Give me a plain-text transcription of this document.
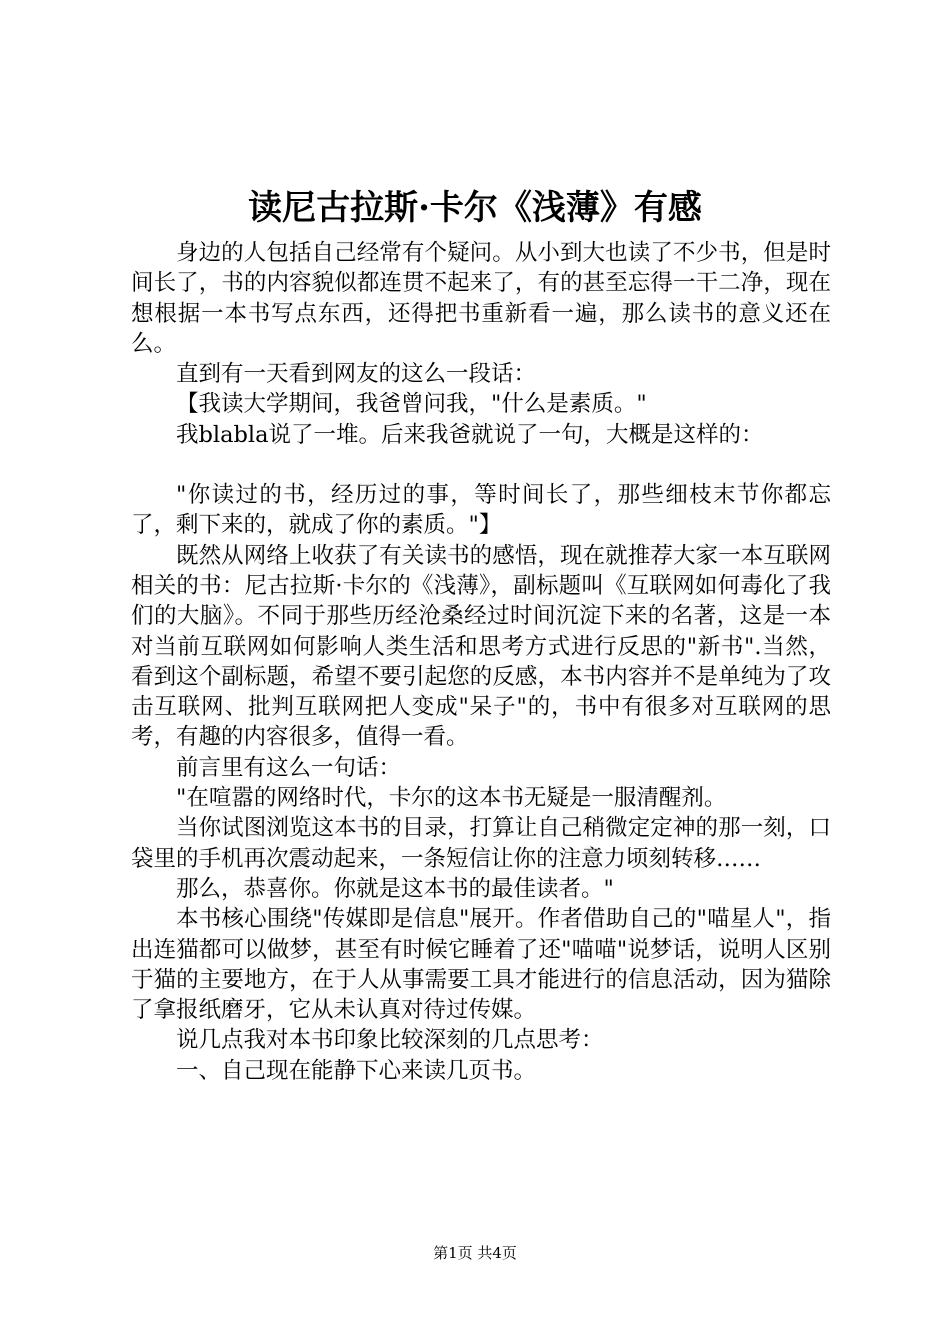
读尼古拉斯·卡尔《浅薄》有感

身边的人包括自己经常有个疑问。从小到大也读了不少书，但是时间长了，书的内容貌似都连贯不起来了，有的甚至忘得一干二净，现在想根据一本书写点东西，还得把书重新看一遍，那么读书的意义还在么。

直到有一天看到网友的这么一段话：

【我读大学期间，我爸曾问我，"什么是素质。"

我blabla说了一堆。后来我爸就说了一句，大概是这样的：

"你读过的书，经历过的事，等时间长了，那些细枝末节你都忘了，剩下来的，就成了你的素质。"】

既然从网络上收获了有关读书的感悟，现在就推荐大家一本互联网相关的书：尼古拉斯·卡尔的《浅薄》，副标题叫《互联网如何毒化了我们的大脑》。不同于那些历经沧桑经过时间沉淀下来的名著，这是一本对当前互联网如何影响人类生活和思考方式进行反思的"新书".当然，看到这个副标题，希望不要引起您的反感，本书内容并不是单纯为了攻击互联网、批判互联网把人变成"呆子"的，书中有很多对互联网的思考，有趣的内容很多，值得一看。

前言里有这么一句话：

"在喧嚣的网络时代，卡尔的这本书无疑是一服清醒剂。

当你试图浏览这本书的目录，打算让自己稍微定定神的那一刻，口袋里的手机再次震动起来，一条短信让你的注意力顷刻转移……

那么，恭喜你。你就是这本书的最佳读者。"

本书核心围绕"传媒即是信息"展开。作者借助自己的"喵星人"，指出连猫都可以做梦，甚至有时候它睡着了还"喵喵"说梦话，说明人区别于猫的主要地方，在于人从事需要工具才能进行的信息活动，因为猫除了拿报纸磨牙，它从未认真对待过传媒。

说几点我对本书印象比较深刻的几点思考：

一、自己现在能静下心来读几页书。

第1页 共4页
